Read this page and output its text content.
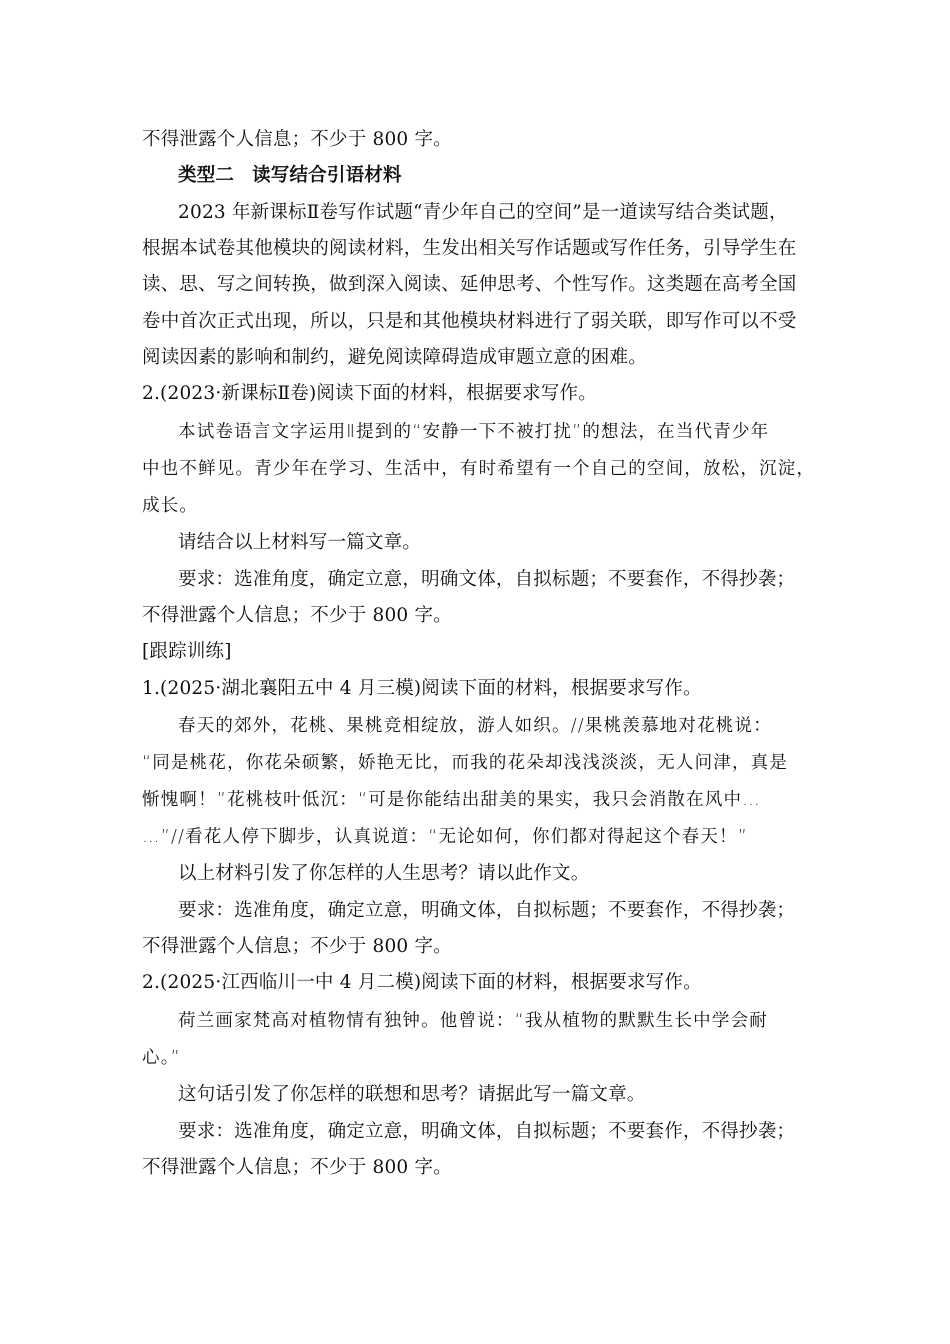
不得泄露个人信息；不少于 800 字。
类型二 读写结合引语材料
2023 年新课标Ⅱ卷写作试题“青少年自己的空间”是一道读写结合类试题，
根据本试卷其他模块的阅读材料，生发出相关写作话题或写作任务，引导学生在
读、思、写之间转换，做到深入阅读、延伸思考、个性写作。这类题在高考全国
卷中首次正式出现，所以，只是和其他模块材料进行了弱关联，即写作可以不受
阅读因素的影响和制约，避免阅读障碍造成审题立意的困难。
2.(2023·新课标Ⅱ卷)阅读下面的材料，根据要求写作。
本试卷语言文字运用Ⅱ提到的“安静一下不被打扰”的想法，在当代青少年
中也不鲜见。青少年在学习、生活中，有时希望有一个自己的空间，放松，沉淀，
成长。
请结合以上材料写一篇文章。
要求：选准角度，确定立意，明确文体，自拟标题；不要套作，不得抄袭；
不得泄露个人信息；不少于 800 字。
[跟踪训练]
1.(2025·湖北襄阳五中 4 月三模)阅读下面的材料，根据要求写作。
春天的郊外，花桃、果桃竞相绽放，游人如织。//果桃羡慕地对花桃说：
“同是桃花，你花朵硕繁，娇艳无比，而我的花朵却浅浅淡淡，无人问津，真是
惭愧啊！”花桃枝叶低沉：“可是你能结出甜美的果实，我只会消散在风中…
…”//看花人停下脚步，认真说道：“无论如何，你们都对得起这个春天！”
以上材料引发了你怎样的人生思考？请以此作文。
要求：选准角度，确定立意，明确文体，自拟标题；不要套作，不得抄袭；
不得泄露个人信息；不少于 800 字。
2.(2025·江西临川一中 4 月二模)阅读下面的材料，根据要求写作。
荷兰画家梵高对植物情有独钟。他曾说：“我从植物的默默生长中学会耐
心。”
这句话引发了你怎样的联想和思考？请据此写一篇文章。
要求：选准角度，确定立意，明确文体，自拟标题；不要套作，不得抄袭；
不得泄露个人信息；不少于 800 字。
